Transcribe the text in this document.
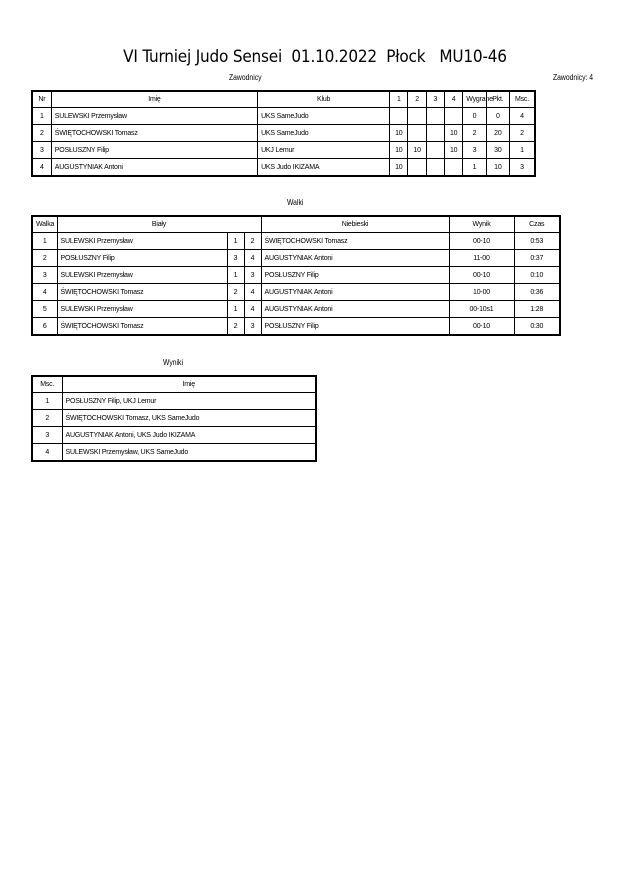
VI Turniej Judo Sensei  01.10.2022  Płock   MU10-46
Zawodnicy	Zawodnicy: 4
Nr	Imię	Klub	1	2	3	4	Wygrane	Pkt.	Msc.
1	SULEWSKI Przemysław	UKS SameJudo					0	0	4
2	ŚWIĘTOCHOWSKI Tomasz	UKS SameJudo	10			10	2	20	2
3	POSŁUSZNY Filip	UKJ Lemur	10	10		10	3	30	1
4	AUGUSTYNIAK Antoni	UKS Judo IKIZAMA	10				1	10	3
Walki
Walka	Biały			Niebieski	Wynik	Czas
1	SULEWSKI Przemysław	1	2	ŚWIĘTOCHOWSKI Tomasz	00-10	0:53
2	POSŁUSZNY Filip	3	4	AUGUSTYNIAK Antoni	11-00	0:37
3	SULEWSKI Przemysław	1	3	POSŁUSZNY Filip	00-10	0:10
4	ŚWIĘTOCHOWSKI Tomasz	2	4	AUGUSTYNIAK Antoni	10-00	0:36
5	SULEWSKI Przemysław	1	4	AUGUSTYNIAK Antoni	00-10s1	1:28
6	ŚWIĘTOCHOWSKI Tomasz	2	3	POSŁUSZNY Filip	00-10	0:30
Wyniki
Msc.	Imię
1	POSŁUSZNY Filip, UKJ Lemur
2	ŚWIĘTOCHOWSKI Tomasz, UKS SameJudo
3	AUGUSTYNIAK Antoni, UKS Judo IKIZAMA
4	SULEWSKI Przemysław, UKS SameJudo
